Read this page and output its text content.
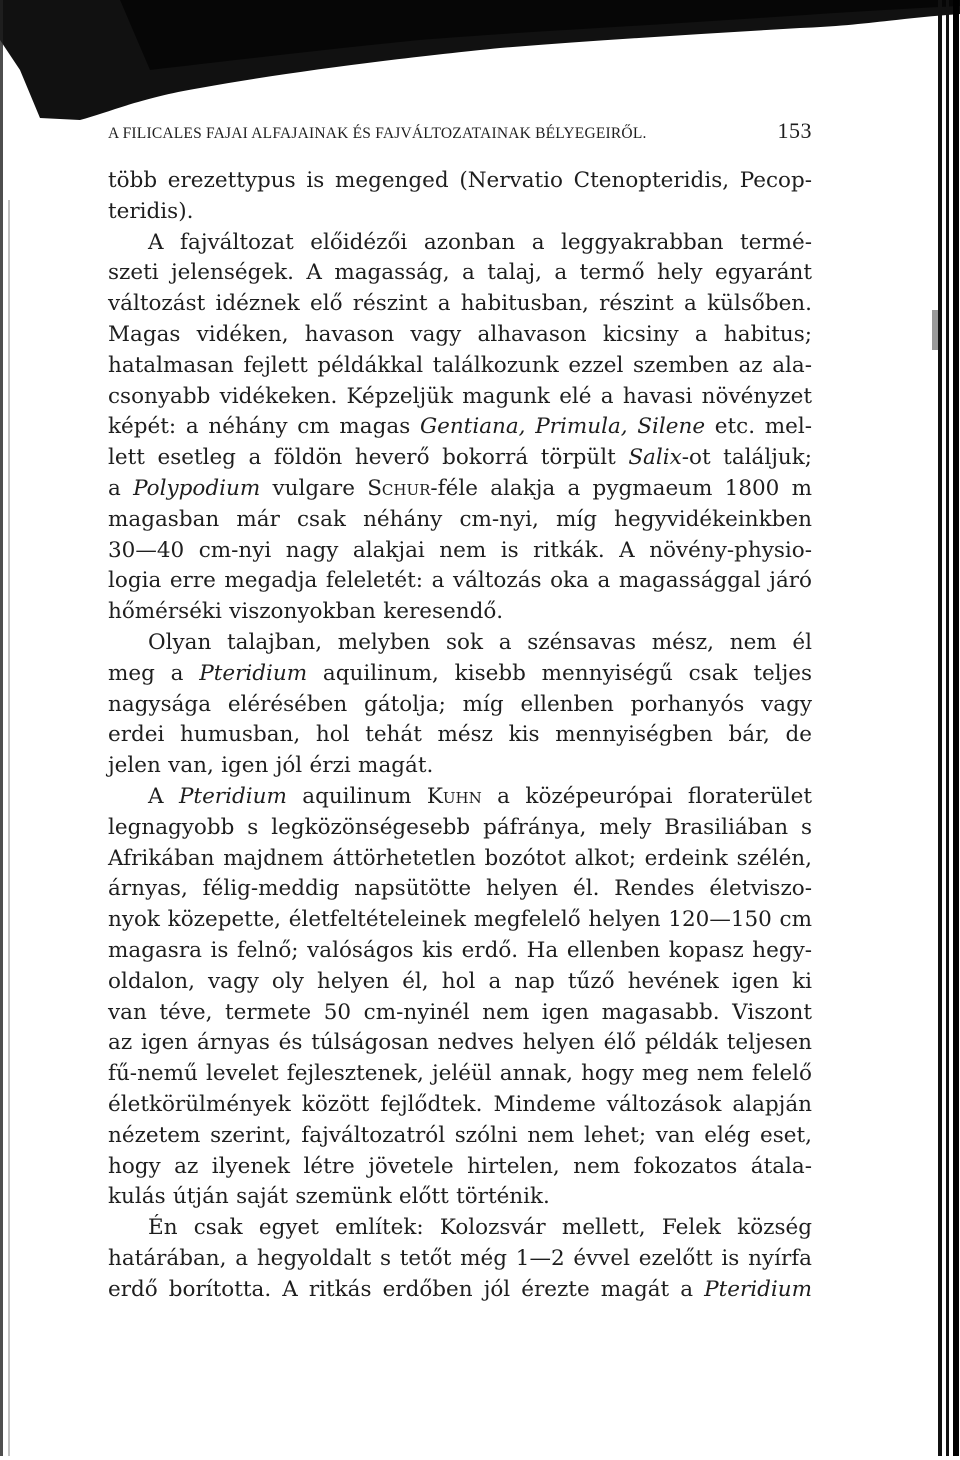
A FILICALES FAJAI ALFAJAINAK ÉS FAJVÁLTOZATAINAK BÉLYEGEIRŐL.	153

több erezettypus is megenged (Nervatio Ctenopteridis, Pecop-
teridis).

A fajváltozat előidézői azonban a leggyakrabban termé-
szeti jelenségek. A magasság, a talaj, a termő hely egyaránt
változást idéznek elő részint a habitusban, részint a külsőben.
Magas vidéken, havason vagy alhavason kicsiny a habitus;
hatalmasan fejlett példákkal találkozunk ezzel szemben az ala-
csonyabb vidékeken. Képzeljük magunk elé a havasi növényzet
képét: a néhány cm magas Gentiana, Primula, Silene etc. mel-
lett esetleg a földön heverő bokorrá törpült Salix-ot találjuk;
a Polypodium vulgare Schur-féle alakja a pygmaeum 1800 m
magasban már csak néhány cm-nyi, míg hegyvidékeinkben
30—40 cm-nyi nagy alakjai nem is ritkák. A növény-physio-
logia erre megadja feleletét: a változás oka a magassággal járó
hőmérséki viszonyokban keresendő.

Olyan talajban, melyben sok a szénsavas mész, nem él
meg a Pteridium aquilinum, kisebb mennyiségű csak teljes
nagysága elérésében gátolja; míg ellenben porhanyós vagy
erdei humusban, hol tehát mész kis mennyiségben bár, de
jelen van, igen jól érzi magát.

A Pteridium aquilinum Kuhn a középeurópai floraterület
legnagyobb s legközönségesebb páfránya, mely Brasiliában s
Afrikában majdnem áttörhetetlen bozótot alkot; erdeink szélén,
árnyas, félig-meddig napsütötte helyen él. Rendes életviszo-
nyok közepette, életfeltételeinek megfelelő helyen 120—150 cm
magasra is felnő; valóságos kis erdő. Ha ellenben kopasz hegy-
oldalon, vagy oly helyen él, hol a nap tűző hevének igen ki
van téve, termete 50 cm-nyinél nem igen magasabb. Viszont
az igen árnyas és túlságosan nedves helyen élő példák teljesen
fű-nemű levelet fejlesztenek, jeléül annak, hogy meg nem felelő
életkörülmények között fejlődtek. Mindeme változások alapján
nézetem szerint, fajváltozatról szólni nem lehet; van elég eset,
hogy az ilyenek létre jövetele hirtelen, nem fokozatos átala-
kulás útján saját szemünk előtt történik.

Én csak egyet említek: Kolozsvár mellett, Felek község
határában, a hegyoldalt s tetőt még 1—2 évvel ezelőtt is nyírfa
erdő borította. A ritkás erdőben jól érezte magát a Pteridium
